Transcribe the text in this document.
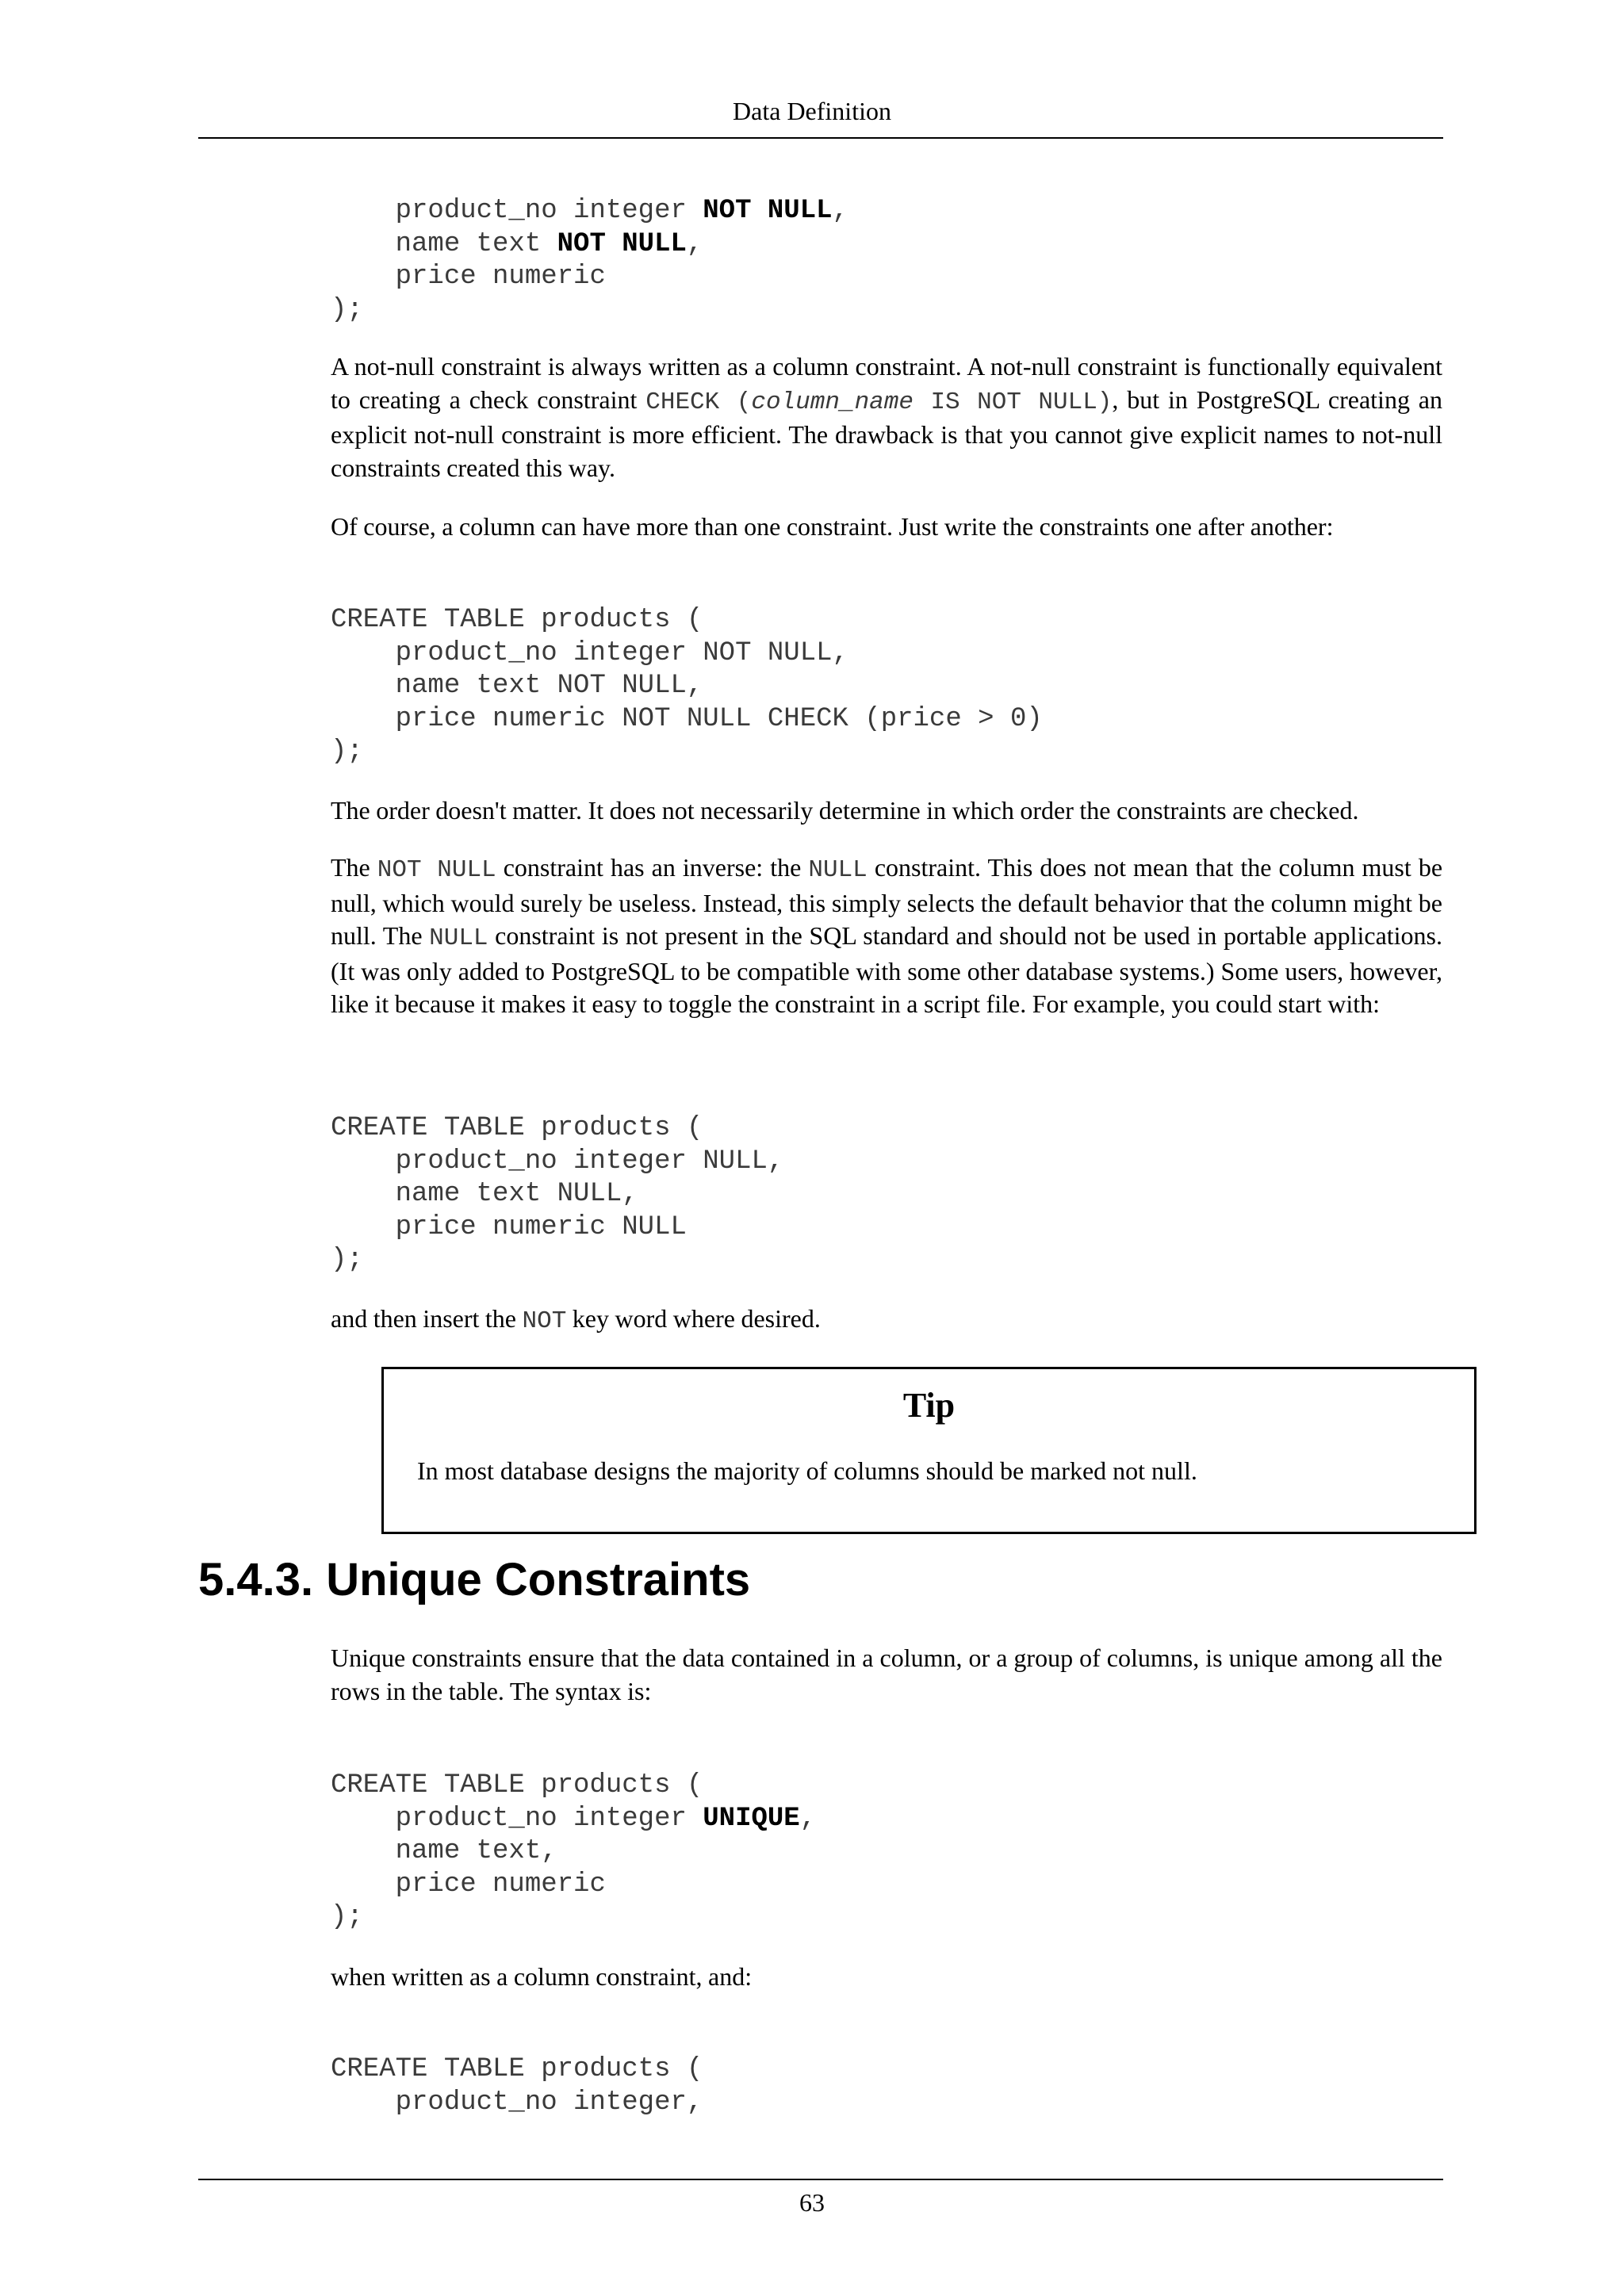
Data Definition
product_no integer NOT NULL,
name text NOT NULL,
price numeric
);

A not-null constraint is always written as a column constraint. A not-null constraint is functionally equivalent to creating a check constraint CHECK (column_name IS NOT NULL), but in PostgreSQL creating an explicit not-null constraint is more efficient. The drawback is that you cannot give explicit names to not-null constraints created this way.

Of course, a column can have more than one constraint. Just write the constraints one after another:

CREATE TABLE products (
product_no integer NOT NULL,
name text NOT NULL,
price numeric NOT NULL CHECK (price > 0)
);

The order doesn't matter. It does not necessarily determine in which order the constraints are checked.

The NOT NULL constraint has an inverse: the NULL constraint. This does not mean that the column must be null, which would surely be useless. Instead, this simply selects the default behavior that the column might be null. The NULL constraint is not present in the SQL standard and should not be used in portable applications. (It was only added to PostgreSQL to be compatible with some other database systems.) Some users, however, like it because it makes it easy to toggle the constraint in a script file. For example, you could start with:

CREATE TABLE products (
product_no integer NULL,
name text NULL,
price numeric NULL
);

and then insert the NOT key word where desired.

Tip
In most database designs the majority of columns should be marked not null.
5.4.3. Unique Constraints

Unique constraints ensure that the data contained in a column, or a group of columns, is unique among all the rows in the table. The syntax is:

CREATE TABLE products (
product_no integer UNIQUE,
name text,
price numeric
);

when written as a column constraint, and:

CREATE TABLE products (
product_no integer,
63
